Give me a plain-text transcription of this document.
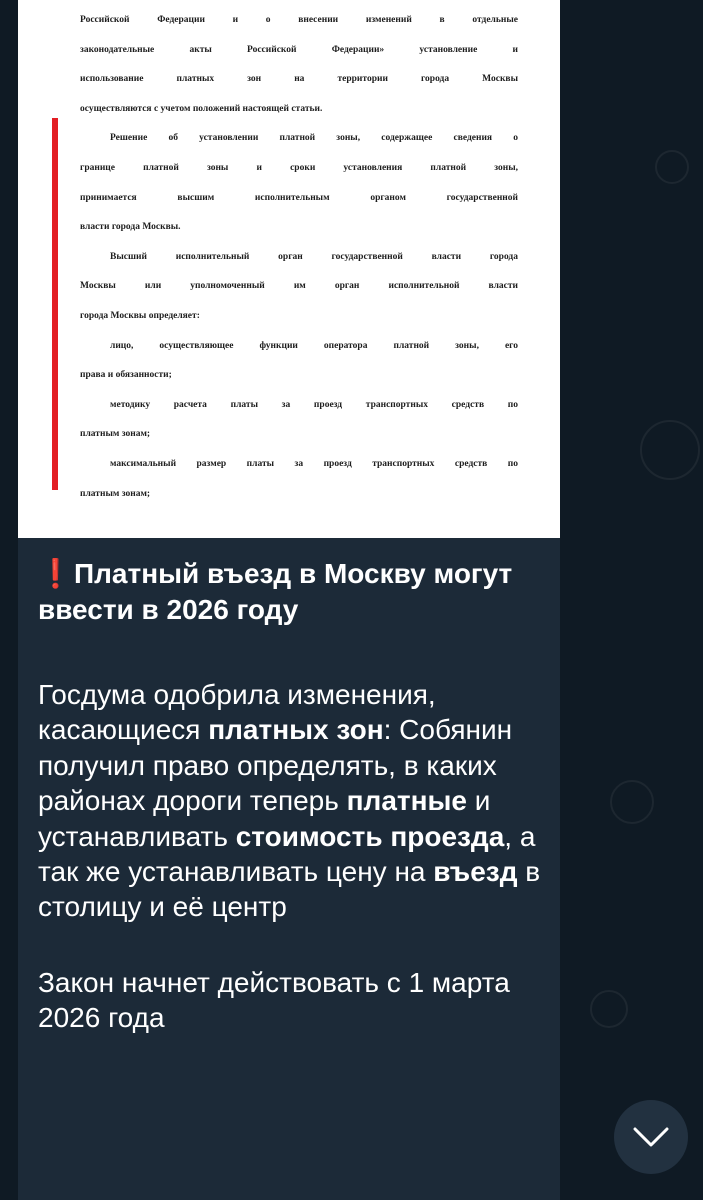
Российской Федерации и о внесении изменений в отдельные

законодательные акты Российской Федерации» установление и

использование платных зон на территории города Москвы

осуществляются с учетом положений настоящей статьи.

Решение об установлении платной зоны, содержащее сведения о

границе платной зоны и сроки установления платной зоны,

принимается высшим исполнительным органом государственной

власти города Москвы.

Высший исполнительный орган государственной власти города

Москвы или уполномоченный им орган исполнительной власти

города Москвы определяет:

лицо, осуществляющее функции оператора платной зоны, его

права и обязанности;

методику расчета платы за проезд транспортных средств по

платным зонам;

максимальный размер платы за проезд транспортных средств по

платным зонам;

❗Платный въезд в Москву могут ввести в 2026 году

Госдума одобрила изменения, касающиеся платных зон: Собянин получил право определять, в каких районах дороги теперь платные и устанавливать стоимость проезда, а так же устанавливать цену на въезд в столицу и её центр

Закон начнет действовать с 1 марта 2026 года
